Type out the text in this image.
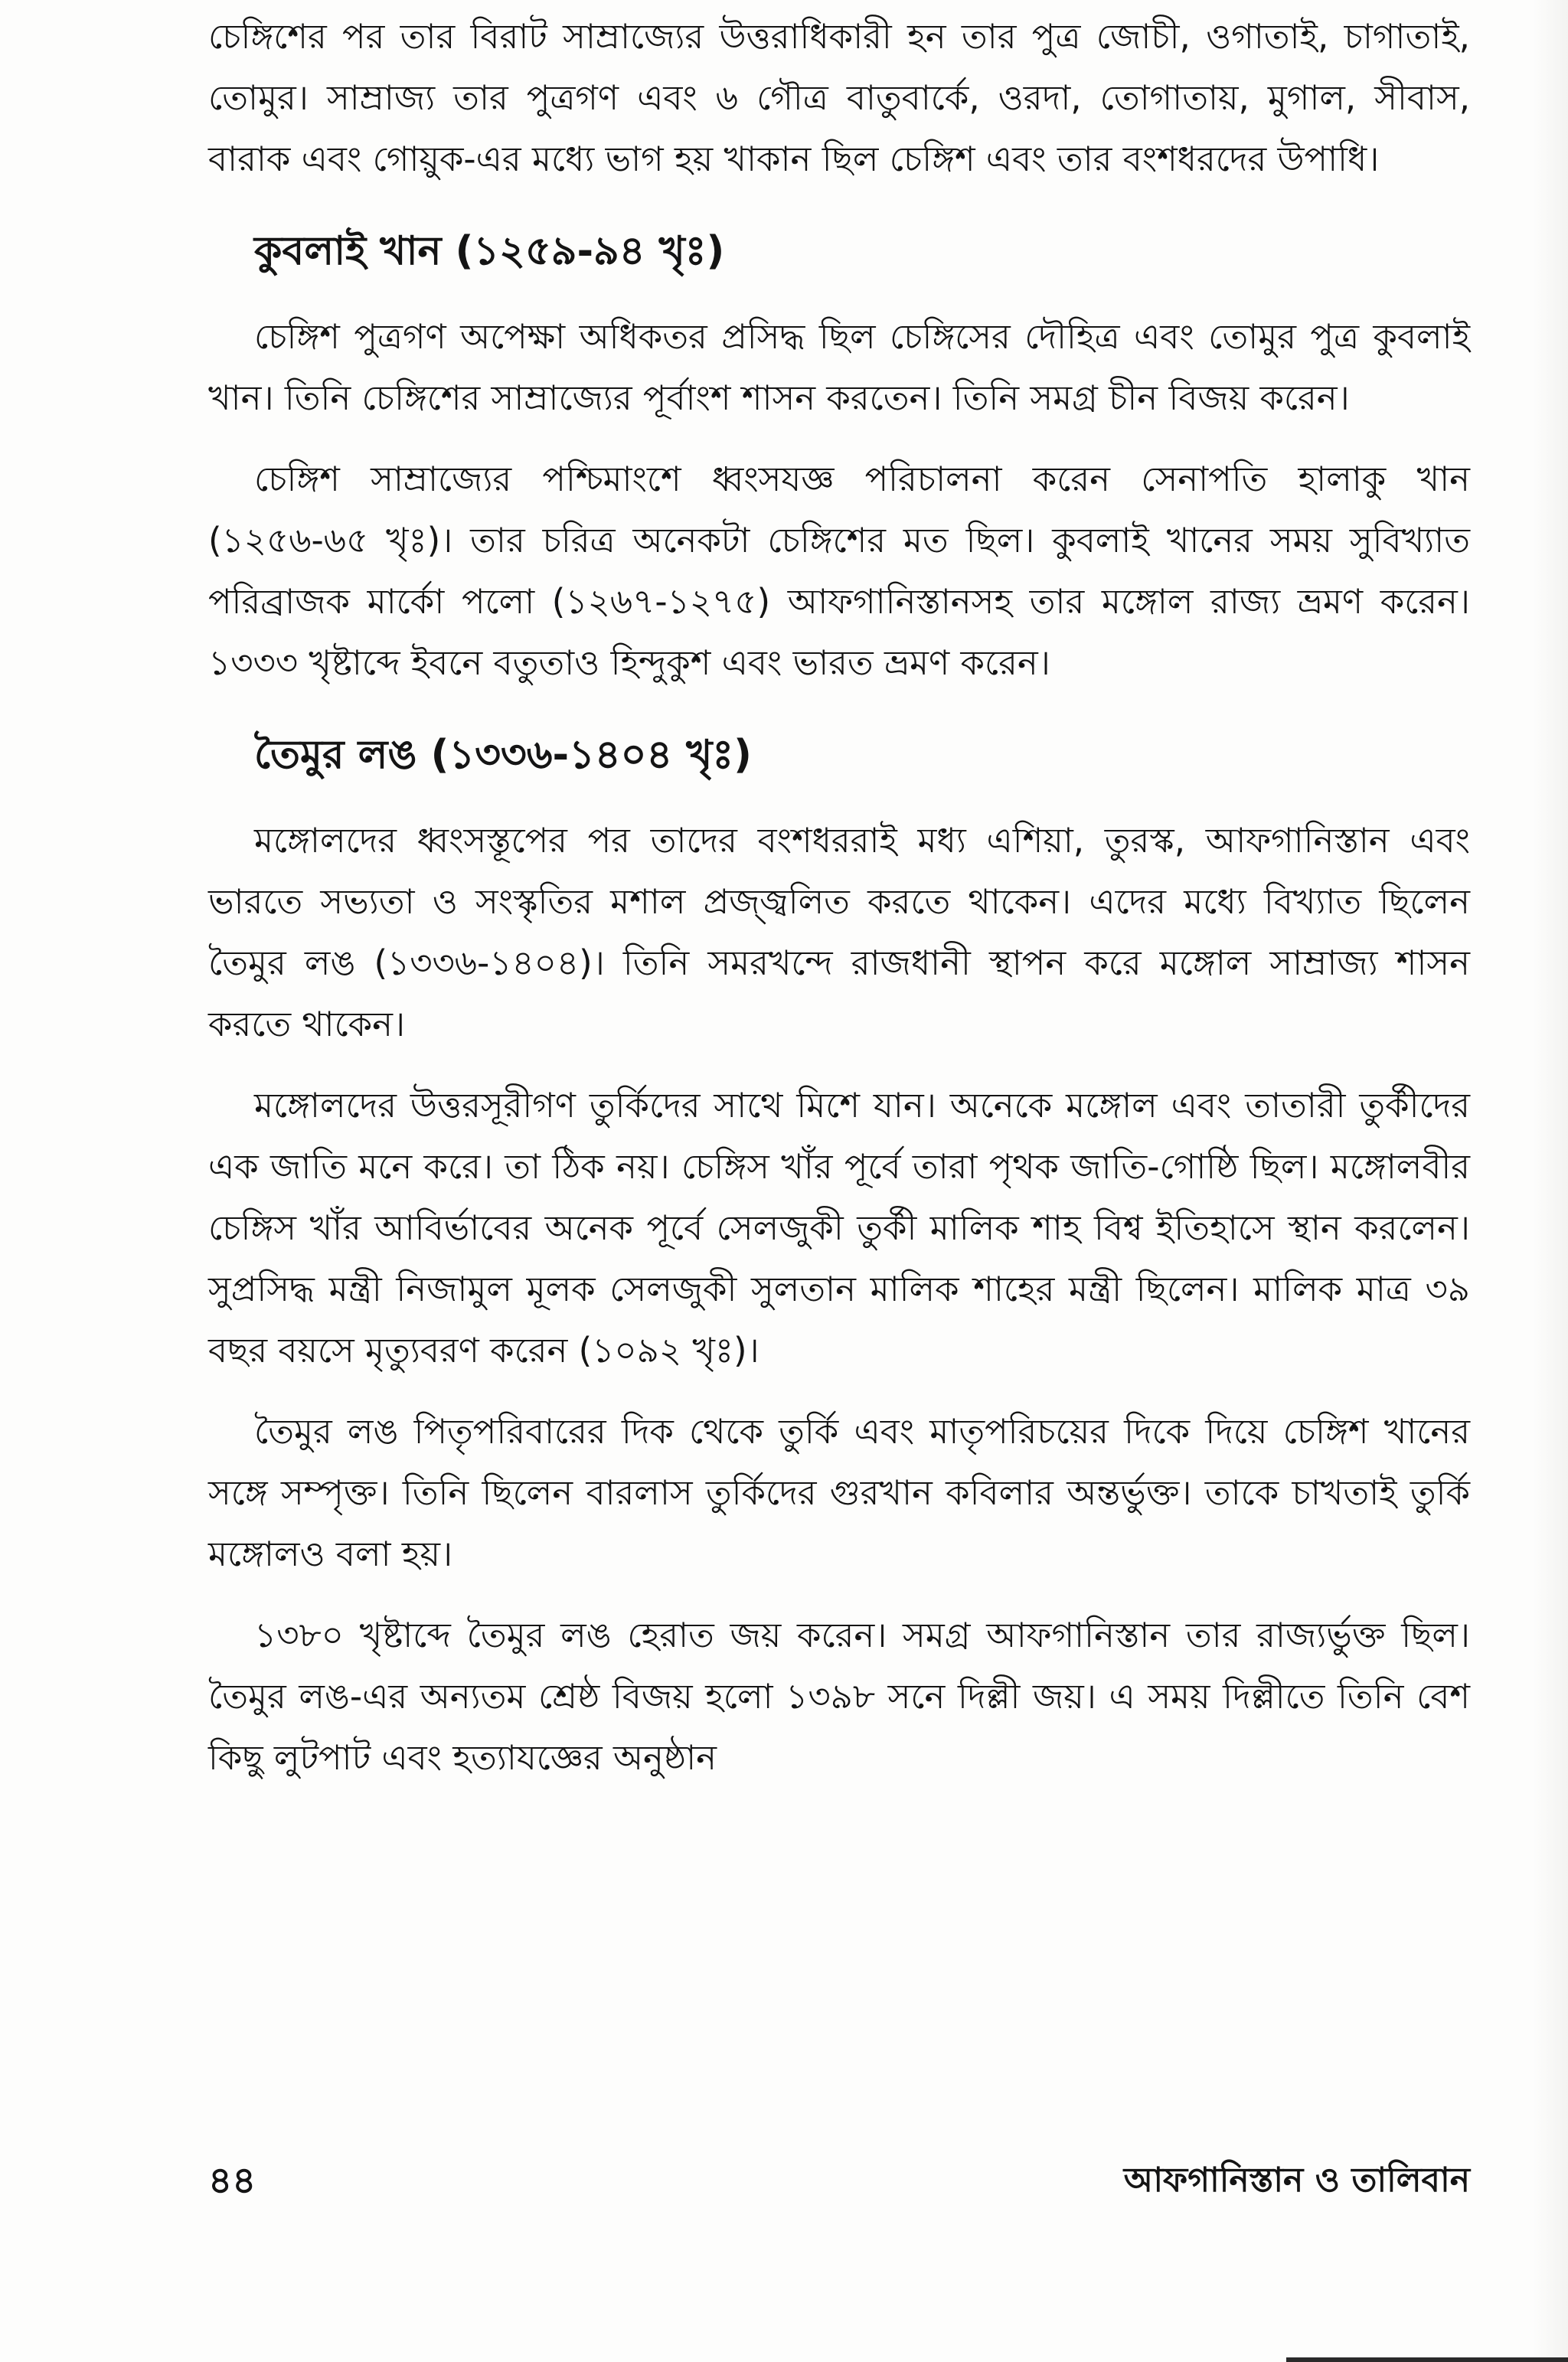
চেঙ্গিশের পর তার বিরাট সাম্রাজ্যের উত্তরাধিকারী হন তার পুত্র জোচী, ওগাতাই, চাগাতাই, তোমুর। সাম্রাজ্য তার পুত্রগণ এবং ৬ গৌত্র বাতুবার্কে, ওরদা, তোগাতায়, মুগাল, সীবাস, বারাক এবং গোয়ুক-এর মধ্যে ভাগ হয় খাকান ছিল চেঙ্গিশ এবং তার বংশধরদের উপাধি।

কুবলাই খান (১২৫৯-৯৪ খৃঃ)

চেঙ্গিশ পুত্রগণ অপেক্ষা অধিকতর প্রসিদ্ধ ছিল চেঙ্গিসের দৌহিত্র এবং তোমুর পুত্র কুবলাই খান। তিনি চেঙ্গিশের সাম্রাজ্যের পূর্বাংশ শাসন করতেন। তিনি সমগ্র চীন বিজয় করেন।

চেঙ্গিশ সাম্রাজ্যের পশ্চিমাংশে ধ্বংসযজ্ঞ পরিচালনা করেন সেনাপতি হালাকু খান (১২৫৬-৬৫ খৃঃ)। তার চরিত্র অনেকটা চেঙ্গিশের মত ছিল। কুবলাই খানের সময় সুবিখ্যাত পরিব্রাজক মার্কো পলো (১২৬৭-১২৭৫) আফগানিস্তানসহ তার মঙ্গোল রাজ্য ভ্রমণ করেন। ১৩৩৩ খৃষ্টাব্দে ইবনে বতুতাও হিন্দুকুশ এবং ভারত ভ্রমণ করেন।

তৈমুর লঙ (১৩৩৬-১৪০৪ খৃঃ)

মঙ্গোলদের ধ্বংসস্তূপের পর তাদের বংশধররাই মধ্য এশিয়া, তুরস্ক, আফগানিস্তান এবং ভারতে সভ্যতা ও সংস্কৃতির মশাল প্রজ্জ্বলিত করতে থাকেন। এদের মধ্যে বিখ্যাত ছিলেন তৈমুর লঙ (১৩৩৬-১৪০৪)। তিনি সমরখন্দে রাজধানী স্থাপন করে মঙ্গোল সাম্রাজ্য শাসন করতে থাকেন।

মঙ্গোলদের উত্তরসূরীগণ তুর্কিদের সাথে মিশে যান। অনেকে মঙ্গোল এবং তাতারী তুর্কীদের এক জাতি মনে করে। তা ঠিক নয়। চেঙ্গিস খাঁর পূর্বে তারা পৃথক জাতি-গোষ্ঠি ছিল। মঙ্গোলবীর চেঙ্গিস খাঁর আবির্ভাবের অনেক পূর্বে সেলজুকী তুর্কী মালিক শাহ বিশ্ব ইতিহাসে স্থান করলেন। সুপ্রসিদ্ধ মন্ত্রী নিজামুল মূলক সেলজুকী সুলতান মালিক শাহের মন্ত্রী ছিলেন। মালিক মাত্র ৩৯ বছর বয়সে মৃত্যুবরণ করেন (১০৯২ খৃঃ)।

তৈমুর লঙ পিতৃপরিবারের দিক থেকে তুর্কি এবং মাতৃপরিচয়ের দিকে দিয়ে চেঙ্গিশ খানের সঙ্গে সম্পৃক্ত। তিনি ছিলেন বারলাস তুর্কিদের গুরখান কবিলার অন্তর্ভুক্ত। তাকে চাখতাই তুর্কি মঙ্গোলও বলা হয়।

১৩৮০ খৃষ্টাব্দে তৈমুর লঙ হেরাত জয় করেন। সমগ্র আফগানিস্তান তার রাজ্যর্ভুক্ত ছিল। তৈমুর লঙ-এর অন্যতম শ্রেষ্ঠ বিজয় হলো ১৩৯৮ সনে দিল্লী জয়। এ সময় দিল্লীতে তিনি বেশ কিছু লুটপাট এবং হত্যাযজ্ঞের অনুষ্ঠান

৪৪	আফগানিস্তান ও তালিবান
